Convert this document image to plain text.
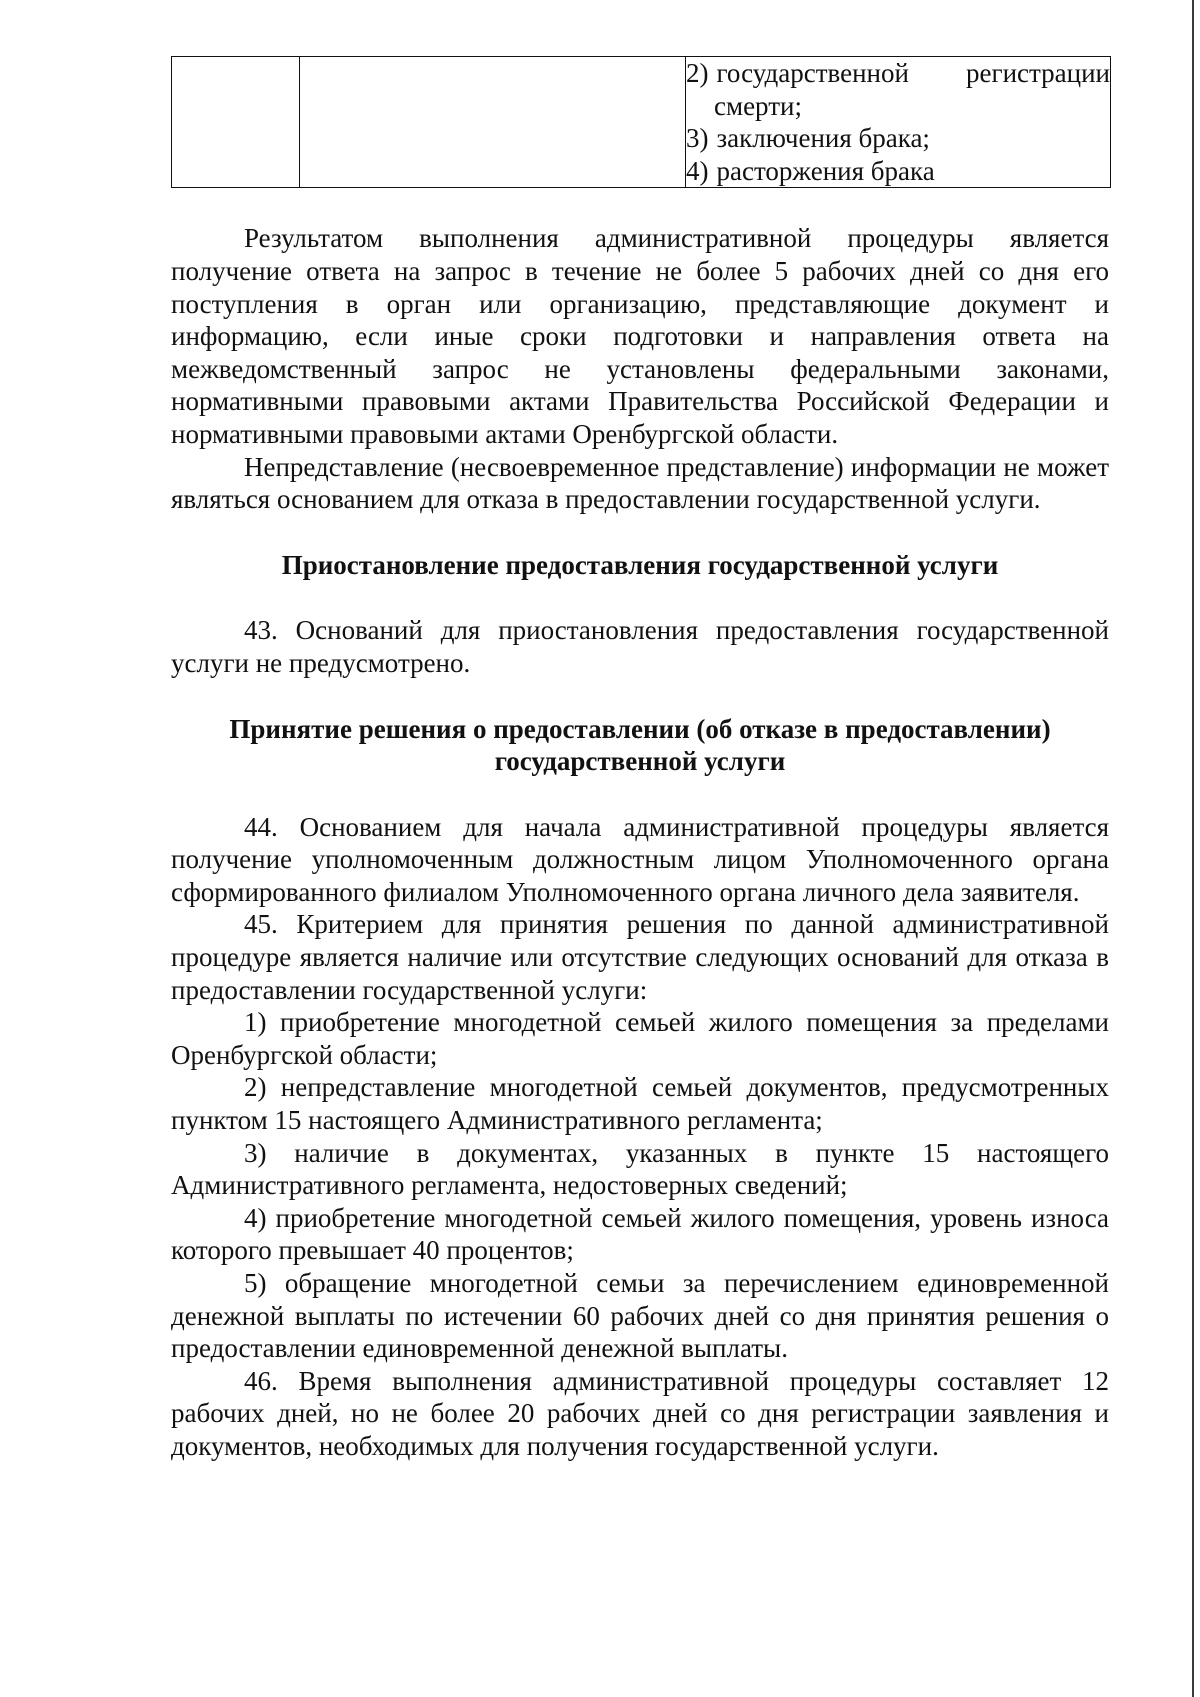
2) государственной регистрации
смерти;
3) заключения брака;
4) расторжения брака

Результатом выполнения административной процедуры является получение ответа на запрос в течение не более 5 рабочих дней со дня его поступления в орган или организацию, представляющие документ и информацию, если иные сроки подготовки и направления ответа на межведомственный запрос не установлены федеральными законами, нормативными правовыми актами Правительства Российской Федерации и нормативными правовыми актами Оренбургской области.

Непредставление (несвоевременное представление) информации не может являться основанием для отказа в предоставлении государственной услуги.

Приостановление предоставления государственной услуги

43. Оснований для приостановления предоставления государственной услуги не предусмотрено.

Принятие решения о предоставлении (об отказе в предоставлении)
государственной услуги

44. Основанием для начала административной процедуры является получение уполномоченным должностным лицом Уполномоченного органа сформированного филиалом Уполномоченного органа личного дела заявителя.

45. Критерием для принятия решения по данной административной процедуре является наличие или отсутствие следующих оснований для отказа в предоставлении государственной услуги:

1) приобретение многодетной семьей жилого помещения за пределами Оренбургской области;

2) непредставление многодетной семьей документов, предусмотренных пунктом 15 настоящего Административного регламента;

3) наличие в документах, указанных в пункте 15 настоящего Административного регламента, недостоверных сведений;

4) приобретение многодетной семьей жилого помещения, уровень износа которого превышает 40 процентов;

5) обращение многодетной семьи за перечислением единовременной денежной выплаты по истечении 60 рабочих дней со дня принятия решения о предоставлении единовременной денежной выплаты.

46. Время выполнения административной процедуры составляет 12 рабочих дней, но не более 20 рабочих дней со дня регистрации заявления и документов, необходимых для получения государственной услуги.
